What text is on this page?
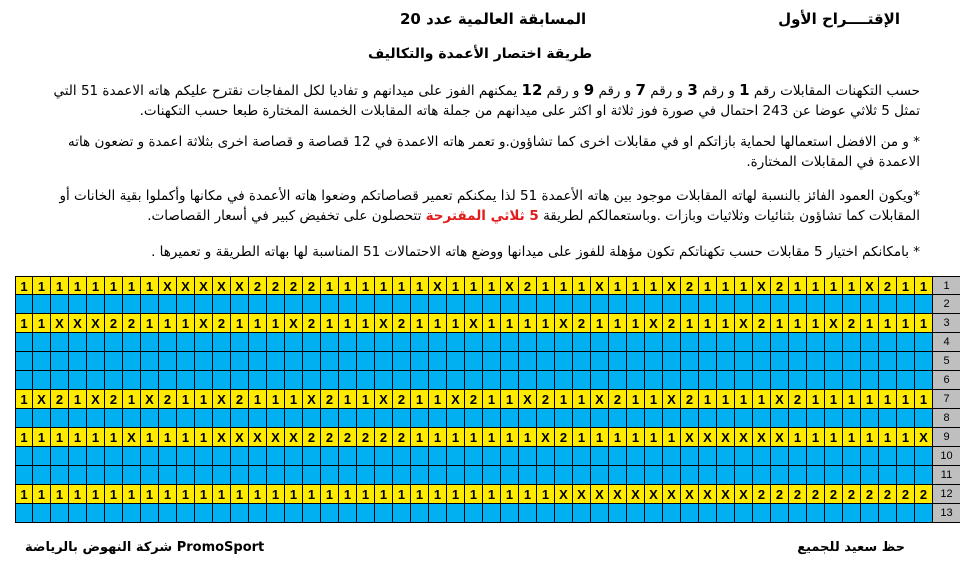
الإقتــــراح الأول
المسابقة العالمية عدد 20
طريقة اختصار الأعمدة والتكاليف
حسب التكهنات المقابلات رقم 1 و رقم 3 و رقم 7 و رقم 9 و رقم 12 يمكنهم الفوز على ميدانهم و تفاديا لكل المفاجات نقترح عليكم هاته الاعمدة 51 التي تمثل 5 ثلاثي عوضا عن 243 احتمال في صورة فوز ثلاثة او اكثر على ميدانهم من جملة هاته المقابلات الخمسة المختارة طبعا حسب التكهنات.
* و من الافضل استعمالها لحماية بازاتكم او في مقابلات اخرى كما تشاؤون.و تعمر هاته الاعمدة في 12 قصاصة و قصاصة اخرى بثلاثة اعمدة و تضعون هاته الاعمدة في المقابلات المختارة.
*ويكون العمود الفائز بالنسبة لهاته المقابلات موجود بين هاته الأعمدة 51 لذا يمكنكم تعمير قصاصاتكم وضعوا هاته الأعمدة في مكانها وأكملوا بقية الخانات أو المقابلات كما تشاؤون بثنائيات وثلاثيات وبازات .وباستعمالكم لطريقة 5 ثلاثي المقترحة تتحصلون على تخفيض كبير في أسعار القصاصات.
* بامكانكم اختيار 5 مقابلات حسب تكهناتكم تكون مؤهلة للفوز على ميدانها ووضع هاته الاحتمالات 51 المناسبة لها بهاته الطريقة و تعميرها .
1 1 1 1 1 1 1 1 X X X X X 2 2 2 2 1 1 1 1 1 1 X 1 1 1 X 2 1 1 1 X 1 1 1 X 2 1 1 1 X 2 1 1 1 1 X 2 1 1	1
2
1 1 X X X 2 2 1 1 1 X 2 1 1 1 X 2 1 1 1 X 2 1 1 1 X 1 1 1 1 X 2 1 1 1 X 2 1 1 1 X 2 1 1 1 X 2 1 1 1 1	3
4
5
6
1 X 2 1 X 2 1 X 2 1 1 X 2 1 1 1 X 2 1 1 X 2 1 1 X 2 1 1 X 2 1 1 X 2 1 1 X 2 1 1 1 1 X 2 1 1 1 1 1 1 1	7
8
1 1 1 1 1 1 X 1 1 1 1 X X X X X 2 2 2 2 2 2 1 1 1 1 1 1 1 X 2 1 1 1 1 1 1 X X X X X X 1 1 1 1 1 1 1 X	9
10
11
1 1 1 1 1 1 1 1 1 1 1 1 1 1 1 1 1 1 1 1 1 1 1 1 1 1 1 1 1 1 X X X X X X X X X X X 2 2 2 2 2 2 2 2 2 2	12
13
حظ سعيد للجميع
شركة النهوض بالرياضة PromoSport
